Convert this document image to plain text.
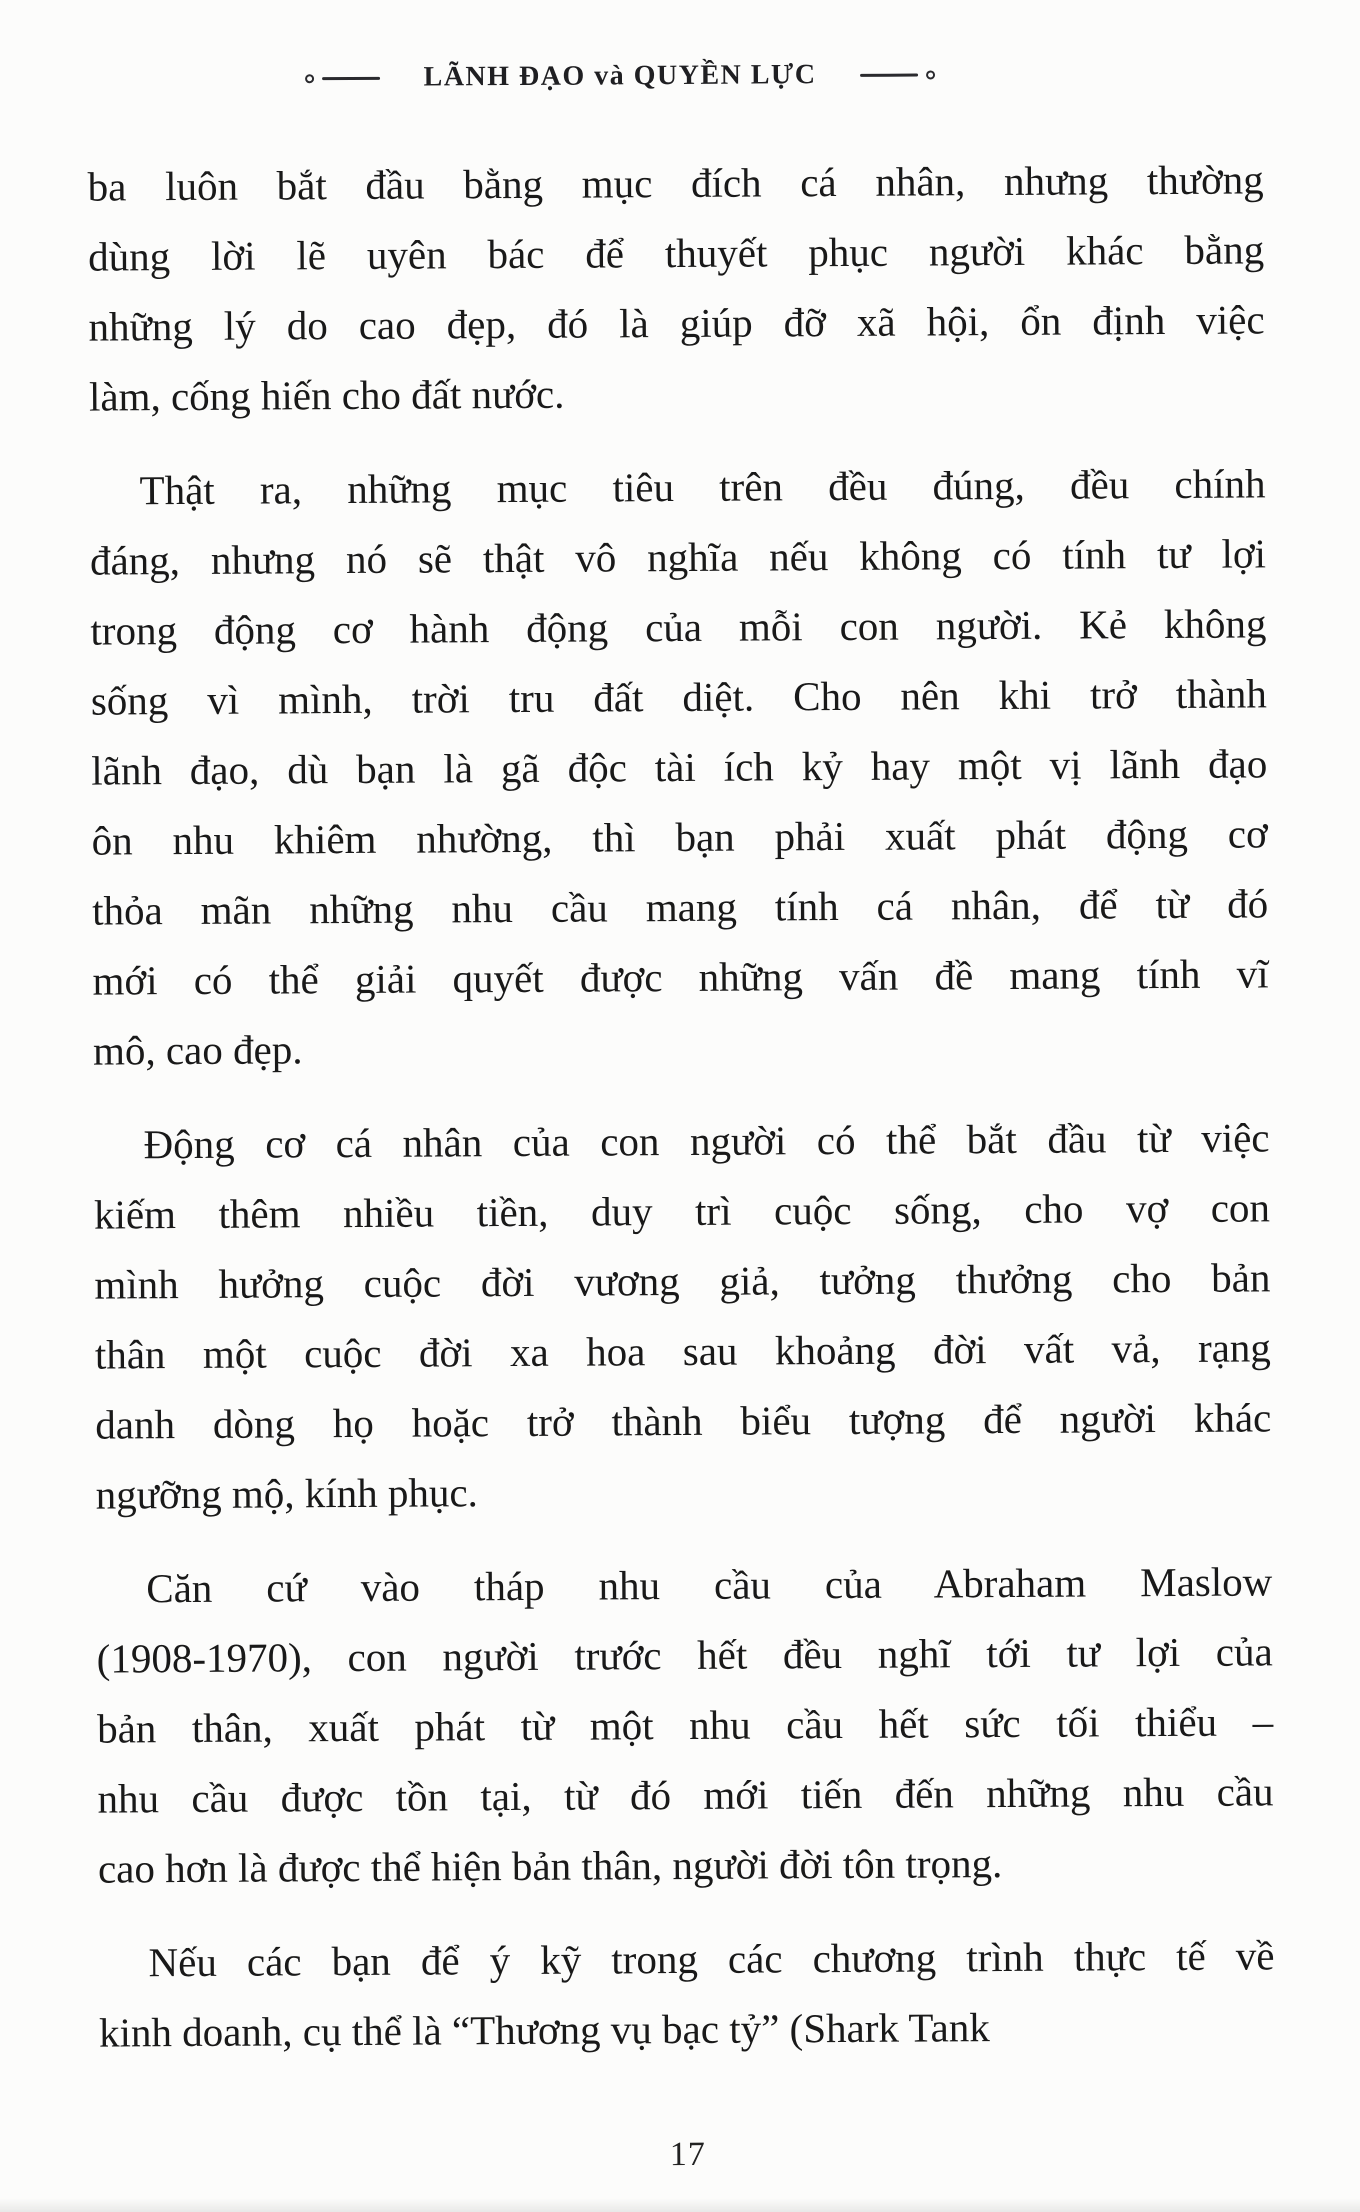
LÃNH ĐẠO và QUYỀN LỰC

ba luôn bắt đầu bằng mục đích cá nhân, nhưng thường
dùng lời lẽ uyên bác để thuyết phục người khác bằng
những lý do cao đẹp, đó là giúp đỡ xã hội, ổn định việc
làm, cống hiến cho đất nước.

Thật ra, những mục tiêu trên đều đúng, đều chính
đáng, nhưng nó sẽ thật vô nghĩa nếu không có tính tư lợi
trong động cơ hành động của mỗi con người. Kẻ không
sống vì mình, trời tru đất diệt. Cho nên khi trở thành
lãnh đạo, dù bạn là gã độc tài ích kỷ hay một vị lãnh đạo
ôn nhu khiêm nhường, thì bạn phải xuất phát động cơ
thỏa mãn những nhu cầu mang tính cá nhân, để từ đó
mới có thể giải quyết được những vấn đề mang tính vĩ
mô, cao đẹp.

Động cơ cá nhân của con người có thể bắt đầu từ việc
kiếm thêm nhiều tiền, duy trì cuộc sống, cho vợ con
mình hưởng cuộc đời vương giả, tưởng thưởng cho bản
thân một cuộc đời xa hoa sau khoảng đời vất vả, rạng
danh dòng họ hoặc trở thành biểu tượng để người khác
ngưỡng mộ, kính phục.

Căn cứ vào tháp nhu cầu của Abraham Maslow
(1908-1970), con người trước hết đều nghĩ tới tư lợi của
bản thân, xuất phát từ một nhu cầu hết sức tối thiểu –
nhu cầu được tồn tại, từ đó mới tiến đến những nhu cầu
cao hơn là được thể hiện bản thân, người đời tôn trọng.

Nếu các bạn để ý kỹ trong các chương trình thực tế về
kinh doanh, cụ thể là “Thương vụ bạc tỷ” (Shark Tank

17
